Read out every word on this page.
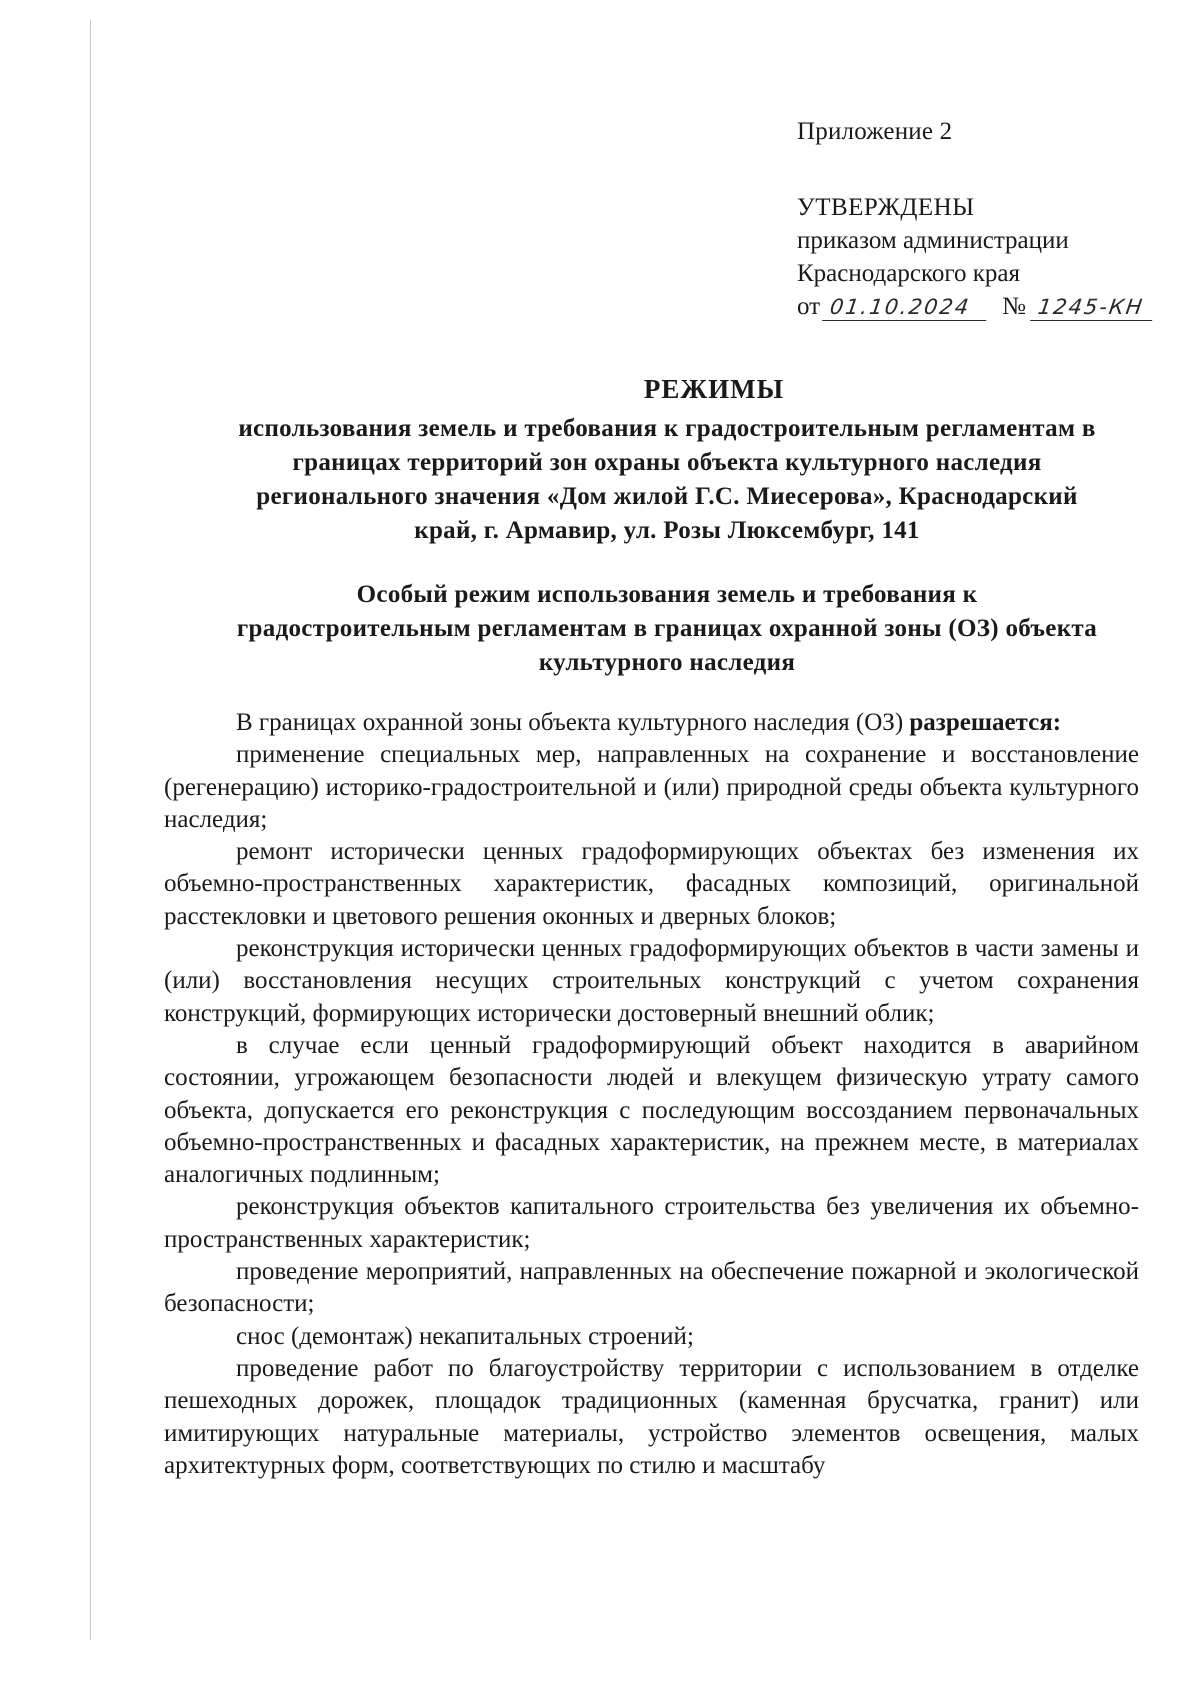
Приложение 2
УТВЕРЖДЕНЫ
приказом администрации
Краснодарского края
от 01.10.2024	№ 1245-КН
РЕЖИМЫ
использования земель и требования к градостроительным регламентам в
границах территорий зон охраны объекта культурного наследия
регионального значения «Дом жилой Г.С. Миесерова», Краснодарский
край, г. Армавир, ул. Розы Люксембург, 141
Особый режим использования земель и требования к
градостроительным регламентам в границах охранной зоны (ОЗ) объекта
культурного наследия

В границах охранной зоны объекта культурного наследия (ОЗ) разрешается:

применение специальных мер, направленных на сохранение и восстановление (регенерацию) историко-градостроительной и (или) природной среды объекта культурного наследия;

ремонт исторически ценных градоформирующих объектах без изменения их объемно-пространственных характеристик, фасадных композиций, оригинальной расстекловки и цветового решения оконных и дверных блоков;

реконструкция исторически ценных градоформирующих объектов в части замены и (или) восстановления несущих строительных конструкций с учетом сохранения конструкций, формирующих исторически достоверный внешний облик;

в случае если ценный градоформирующий объект находится в аварийном состоянии, угрожающем безопасности людей и влекущем физическую утрату самого объекта, допускается его реконструкция с последующим воссозданием первоначальных объемно-пространственных и фасадных характеристик, на прежнем месте, в материалах аналогичных подлинным;

реконструкция объектов капитального строительства без увеличения их объемно-пространственных характеристик;

проведение мероприятий, направленных на обеспечение пожарной и экологической безопасности;

снос (демонтаж) некапитальных строений;

проведение работ по благоустройству территории с использованием в отделке пешеходных дорожек, площадок традиционных (каменная брусчатка, гранит) или имитирующих натуральные материалы, устройство элементов освещения, малых архитектурных форм, соответствующих по стилю и масштабу
